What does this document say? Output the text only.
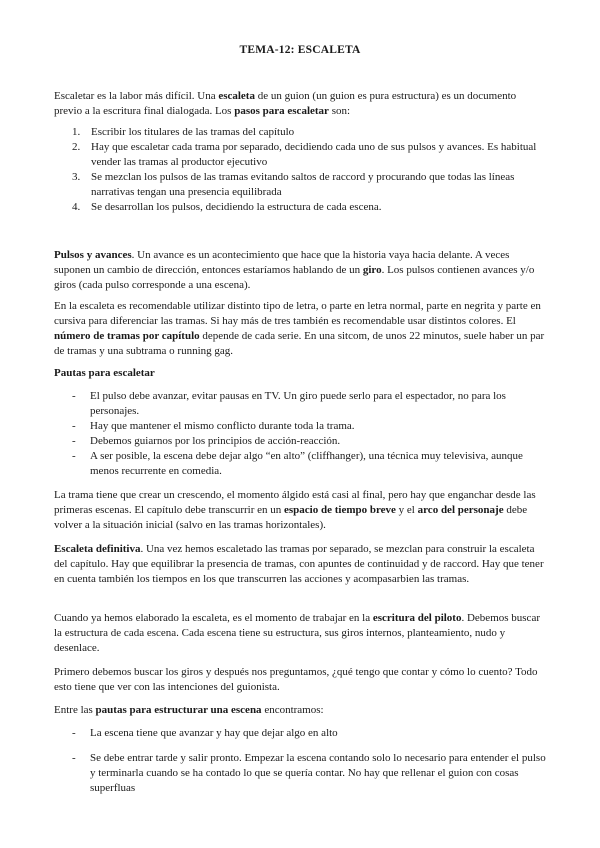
TEMA-12: ESCALETA

Escaletar es la labor más difícil. Una escaleta de un guion (un guion es pura estructura) es un documento previo a la escritura final dialogada. Los pasos para escaletar son:

1. Escribir los titulares de las tramas del capítulo
2. Hay que escaletar cada trama por separado, decidiendo cada uno de sus pulsos y avances. Es habitual vender las tramas al productor ejecutivo
3. Se mezclan los pulsos de las tramas evitando saltos de raccord y procurando que todas las líneas narrativas tengan una presencia equilibrada
4. Se desarrollan los pulsos, decidiendo la estructura de cada escena.

Pulsos y avances. Un avance es un acontecimiento que hace que la historia vaya hacia delante. A veces suponen un cambio de dirección, entonces estaríamos hablando de un giro. Los pulsos contienen avances y/o giros (cada pulso corresponde a una escena).

En la escaleta es recomendable utilizar distinto tipo de letra, o parte en letra normal, parte en negrita y parte en cursiva para diferenciar las tramas. Si hay más de tres también es recomendable usar distintos colores. El número de tramas por capítulo depende de cada serie. En una sitcom, de unos 22 minutos, suele haber un par de tramas y una subtrama o running gag.

Pautas para escaletar

- El pulso debe avanzar, evitar pausas en TV. Un giro puede serlo para el espectador, no para los personajes.
- Hay que mantener el mismo conflicto durante toda la trama.
- Debemos guiarnos por los principios de acción-reacción.
- A ser posible, la escena debe dejar algo “en alto” (cliffhanger), una técnica muy televisiva, aunque menos recurrente en comedia.

La trama tiene que crear un crescendo, el momento álgido está casi al final, pero hay que enganchar desde las primeras escenas. El capítulo debe transcurrir en un espacio de tiempo breve y el arco del personaje debe volver a la situación inicial (salvo en las tramas horizontales).

Escaleta definitiva. Una vez hemos escaletado las tramas por separado, se mezclan para construir la escaleta del capítulo. Hay que equilibrar la presencia de tramas, con apuntes de continuidad y de raccord. Hay que tener en cuenta también los tiempos en los que transcurren las acciones y acompasarbien las tramas.

Cuando ya hemos elaborado la escaleta, es el momento de trabajar en la escritura del piloto. Debemos buscar la estructura de cada escena. Cada escena tiene su estructura, sus giros internos, planteamiento, nudo y desenlace.

Primero debemos buscar los giros y después nos preguntamos, ¿qué tengo que contar y cómo lo cuento? Todo esto tiene que ver con las intenciones del guionista.

Entre las pautas para estructurar una escena encontramos:

- La escena tiene que avanzar y hay que dejar algo en alto
- Se debe entrar tarde y salir pronto. Empezar la escena contando solo lo necesario para entender el pulso y terminarla cuando se ha contado lo que se quería contar. No hay que rellenar el guion con cosas superfluas
